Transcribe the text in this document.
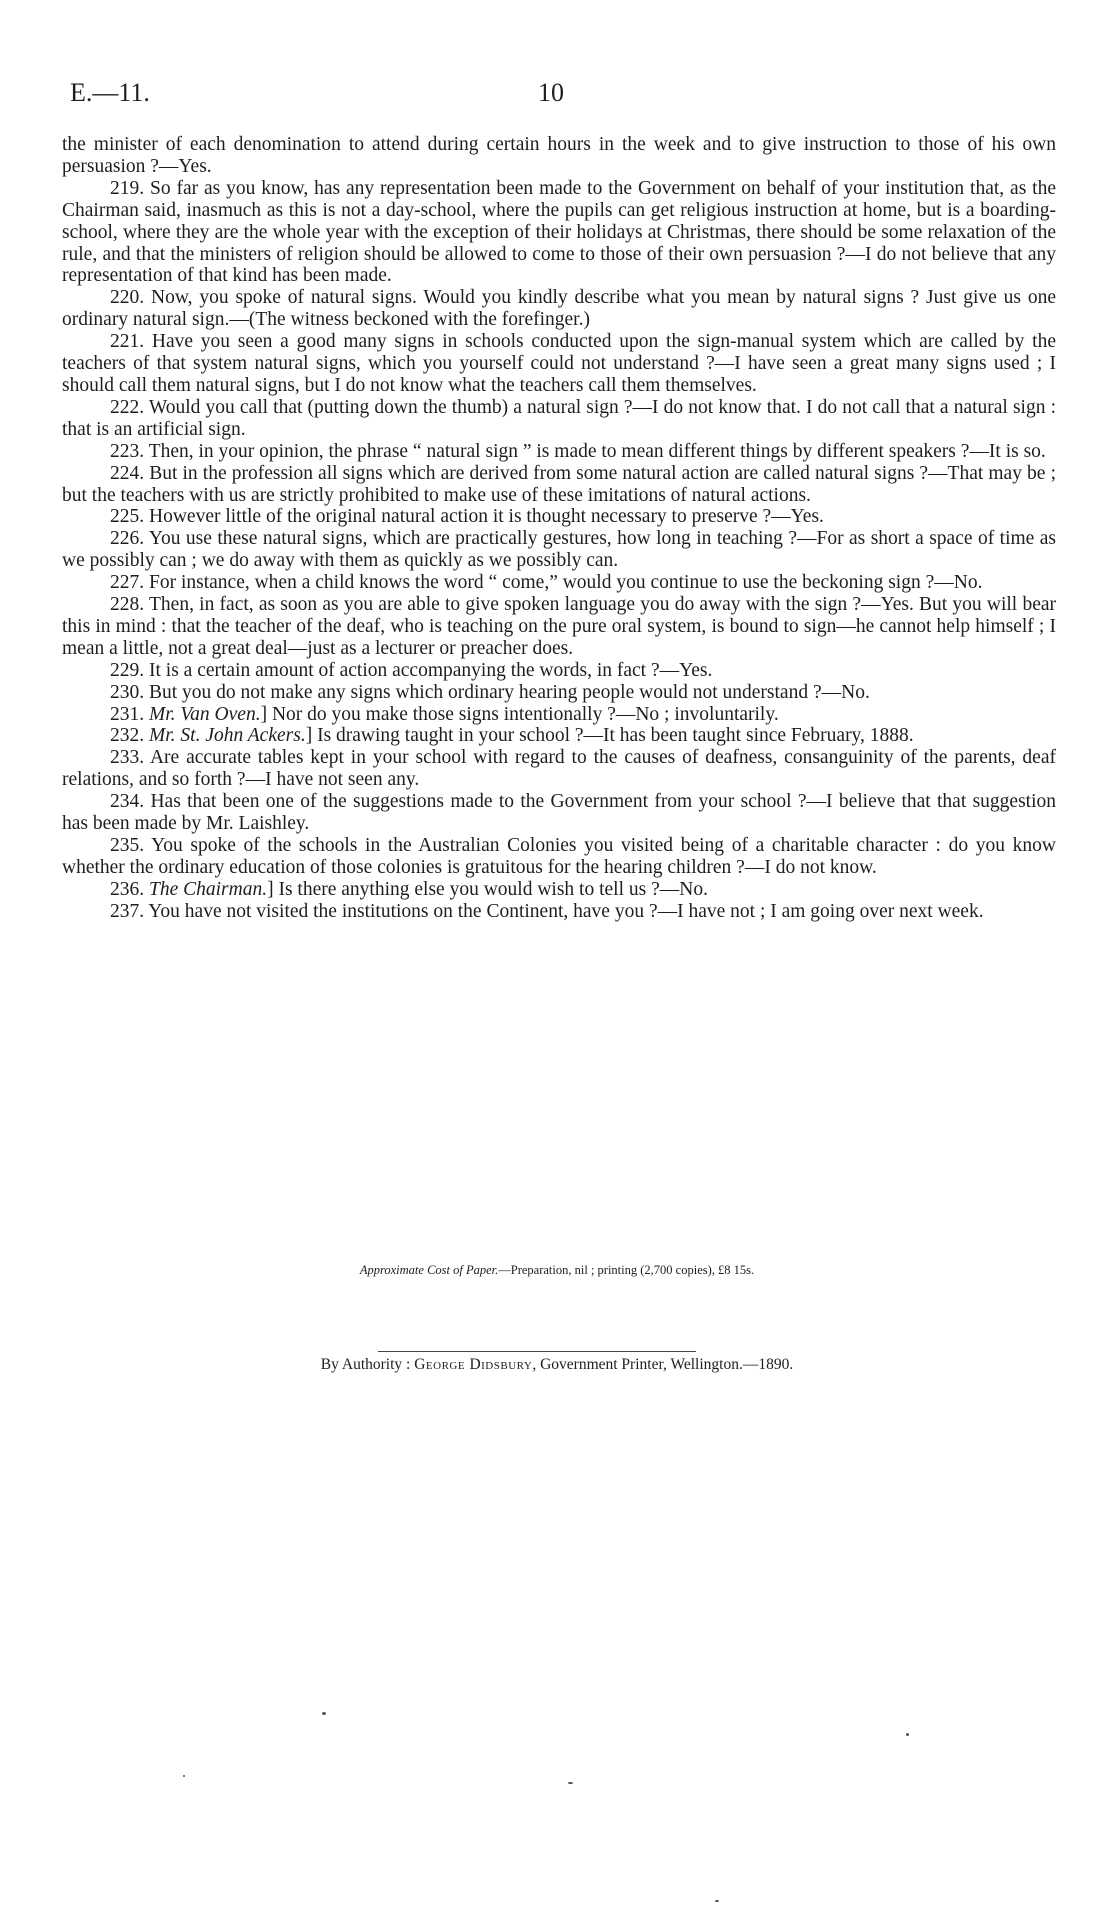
E.—11.	10

the minister of each denomination to attend during certain hours in the week and to give instruction to those of his own persuasion ?—Yes.

219. So far as you know, has any representation been made to the Government on behalf of your institution that, as the Chairman said, inasmuch as this is not a day-school, where the pupils can get religious instruction at home, but is a boarding-school, where they are the whole year with the exception of their holidays at Christmas, there should be some relaxation of the rule, and that the ministers of religion should be allowed to come to those of their own persuasion ?—I do not believe that any representation of that kind has been made.

220. Now, you spoke of natural signs. Would you kindly describe what you mean by natural signs ? Just give us one ordinary natural sign.—(The witness beckoned with the forefinger.)

221. Have you seen a good many signs in schools conducted upon the sign-manual system which are called by the teachers of that system natural signs, which you yourself could not understand ?—I have seen a great many signs used ; I should call them natural signs, but I do not know what the teachers call them themselves.

222. Would you call that (putting down the thumb) a natural sign ?—I do not know that. I do not call that a natural sign : that is an artificial sign.

223. Then, in your opinion, the phrase “ natural sign ” is made to mean different things by different speakers ?—It is so.

224. But in the profession all signs which are derived from some natural action are called natural signs ?—That may be ; but the teachers with us are strictly prohibited to make use of these imitations of natural actions.

225. However little of the original natural action it is thought necessary to preserve ?—Yes.

226. You use these natural signs, which are practically gestures, how long in teaching ?—For as short a space of time as we possibly can ; we do away with them as quickly as we possibly can.

227. For instance, when a child knows the word “ come,” would you continue to use the beckoning sign ?—No.

228. Then, in fact, as soon as you are able to give spoken language you do away with the sign ?—Yes. But you will bear this in mind : that the teacher of the deaf, who is teaching on the pure oral system, is bound to sign—he cannot help himself ; I mean a little, not a great deal—just as a lecturer or preacher does.

229. It is a certain amount of action accompanying the words, in fact ?—Yes.

230. But you do not make any signs which ordinary hearing people would not understand ?—No.

231. Mr. Van Oven.] Nor do you make those signs intentionally ?—No ; involuntarily.

232. Mr. St. John Ackers.] Is drawing taught in your school ?—It has been taught since February, 1888.

233. Are accurate tables kept in your school with regard to the causes of deafness, consanguinity of the parents, deaf relations, and so forth ?—I have not seen any.

234. Has that been one of the suggestions made to the Government from your school ?—I believe that that suggestion has been made by Mr. Laishley.

235. You spoke of the schools in the Australian Colonies you visited being of a charitable character : do you know whether the ordinary education of those colonies is gratuitous for the hearing children ?—I do not know.

236. The Chairman.] Is there anything else you would wish to tell us ?—No.

237. You have not visited the institutions on the Continent, have you ?—I have not ; I am going over next week.

Approximate Cost of Paper.—Preparation, nil ; printing (2,700 copies), £8 15s.
By Authority : George Didsbury, Government Printer, Wellington.—1890.
